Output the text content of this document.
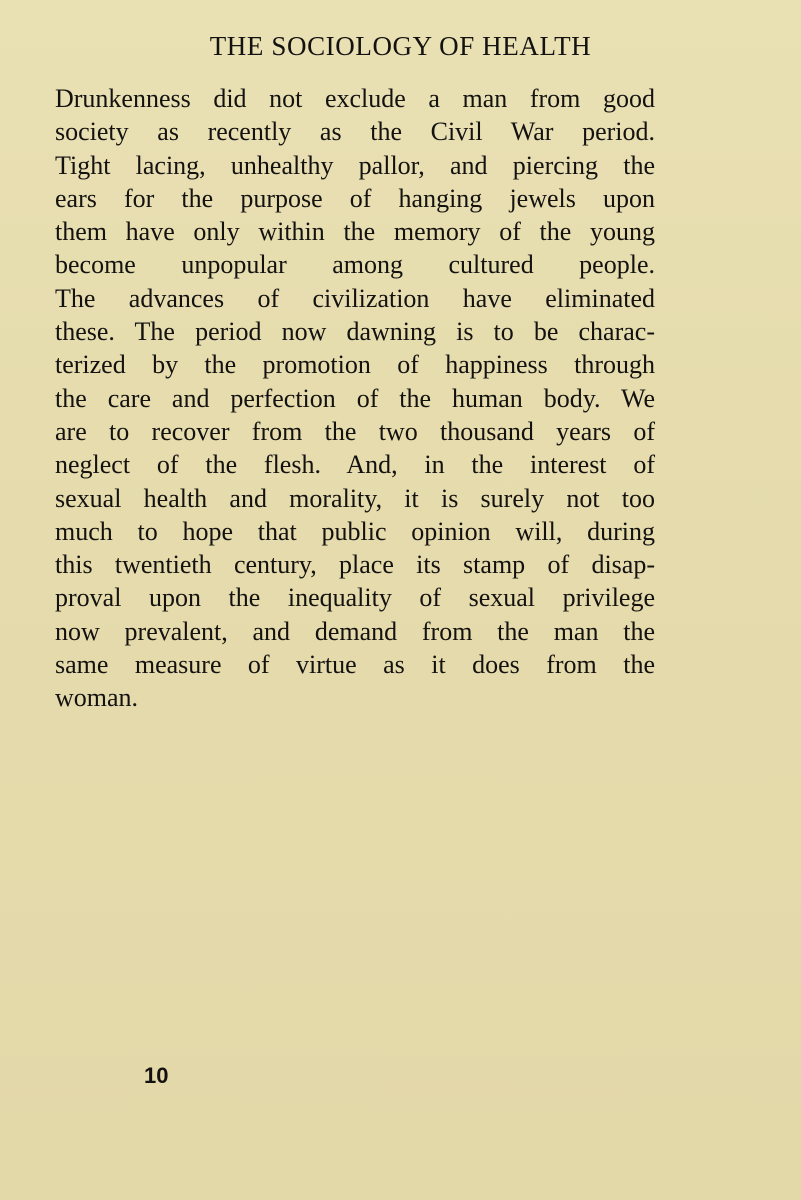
THE SOCIOLOGY OF HEALTH
Drunkenness did not exclude a man from good
society as recently as the Civil War period.
Tight lacing, unhealthy pallor, and piercing the
ears for the purpose of hanging jewels upon
them have only within the memory of the young
become unpopular among cultured people.
The advances of civilization have eliminated
these. The period now dawning is to be charac-
terized by the promotion of happiness through
the care and perfection of the human body. We
are to recover from the two thousand years of
neglect of the flesh. And, in the interest of
sexual health and morality, it is surely not too
much to hope that public opinion will, during
this twentieth century, place its stamp of disap-
proval upon the inequality of sexual privilege
now prevalent, and demand from the man the
same measure of virtue as it does from the
woman.
10
